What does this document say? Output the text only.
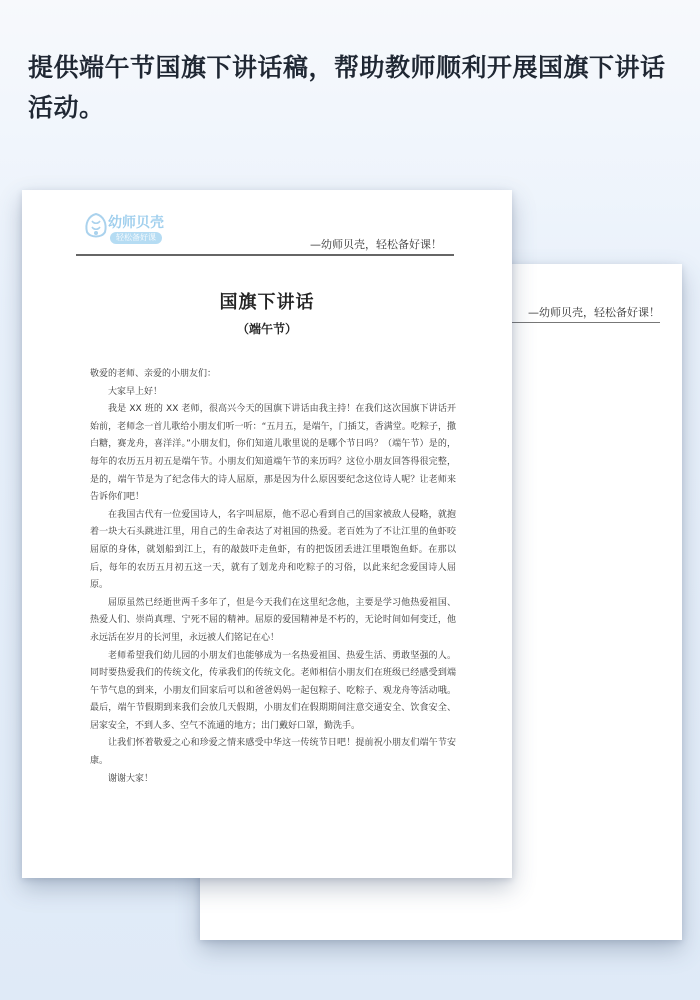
提供端午节国旗下讲话稿，帮助教师顺利开展国旗下讲话活动。
—幼师贝壳，轻松备好课！
幼师贝壳
轻松备好课
—幼师贝壳，轻松备好课！
国旗下讲话
（端午节）

敬爱的老师、亲爱的小朋友们：

大家早上好！

我是 XX 班的 XX 老师，很高兴今天的国旗下讲话由我主持！在我们这次国旗下讲话开始前，老师念一首儿歌给小朋友们听一听：“五月五，是端午，门插艾，香满堂。吃粽子，撒白糖，赛龙舟，喜洋洋。”小朋友们，你们知道儿歌里说的是哪个节日吗？（端午节）是的，每年的农历五月初五是端午节。小朋友们知道端午节的来历吗？这位小朋友回答得很完整，是的，端午节是为了纪念伟大的诗人屈原，那是因为什么原因要纪念这位诗人呢？让老师来告诉你们吧！

在我国古代有一位爱国诗人，名字叫屈原，他不忍心看到自己的国家被敌人侵略，就抱着一块大石头跳进江里，用自己的生命表达了对祖国的热爱。老百姓为了不让江里的鱼虾咬屈原的身体，就划船到江上，有的敲鼓吓走鱼虾，有的把饭团丢进江里喂饱鱼虾。在那以后，每年的农历五月初五这一天，就有了划龙舟和吃粽子的习俗，以此来纪念爱国诗人屈原。

屈原虽然已经逝世两千多年了，但是今天我们在这里纪念他，主要是学习他热爱祖国、热爱人们、崇尚真理、宁死不屈的精神。屈原的爱国精神是不朽的，无论时间如何变迁，他永远活在岁月的长河里，永远被人们铭记在心！

老师希望我们幼儿园的小朋友们也能够成为一名热爱祖国、热爱生活、勇敢坚强的人。同时要热爱我们的传统文化，传承我们的传统文化。老师相信小朋友们在班级已经感受到端午节气息的到来，小朋友们回家后可以和爸爸妈妈一起包粽子、吃粽子、观龙舟等活动哦。最后，端午节假期到来我们会放几天假期，小朋友们在假期期间注意交通安全、饮食安全、居家安全，不到人多、空气不流通的地方；出门戴好口罩，勤洗手。

让我们怀着敬爱之心和珍爱之情来感受中华这一传统节日吧！提前祝小朋友们端午节安康。

谢谢大家！
